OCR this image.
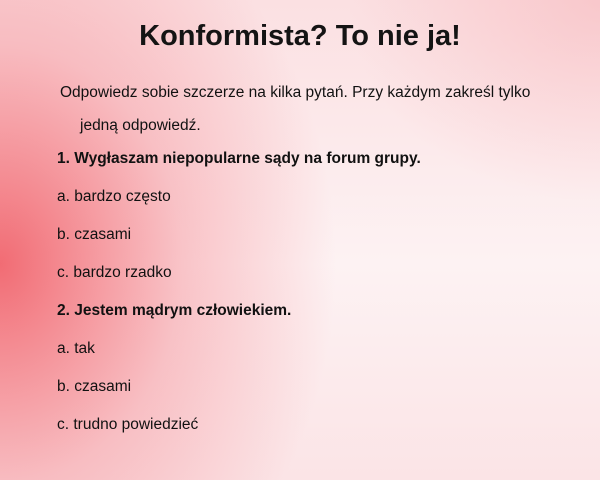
Konformista? To nie ja!

Odpowiedz sobie szczerze na kilka pytań. Przy każdym zakreśl tylko
jedną odpowiedź.

1. Wygłaszam niepopularne sądy na forum grupy.

a. bardzo często

b. czasami

c. bardzo rzadko

2. Jestem mądrym człowiekiem.

a. tak

b. czasami

c. trudno powiedzieć
